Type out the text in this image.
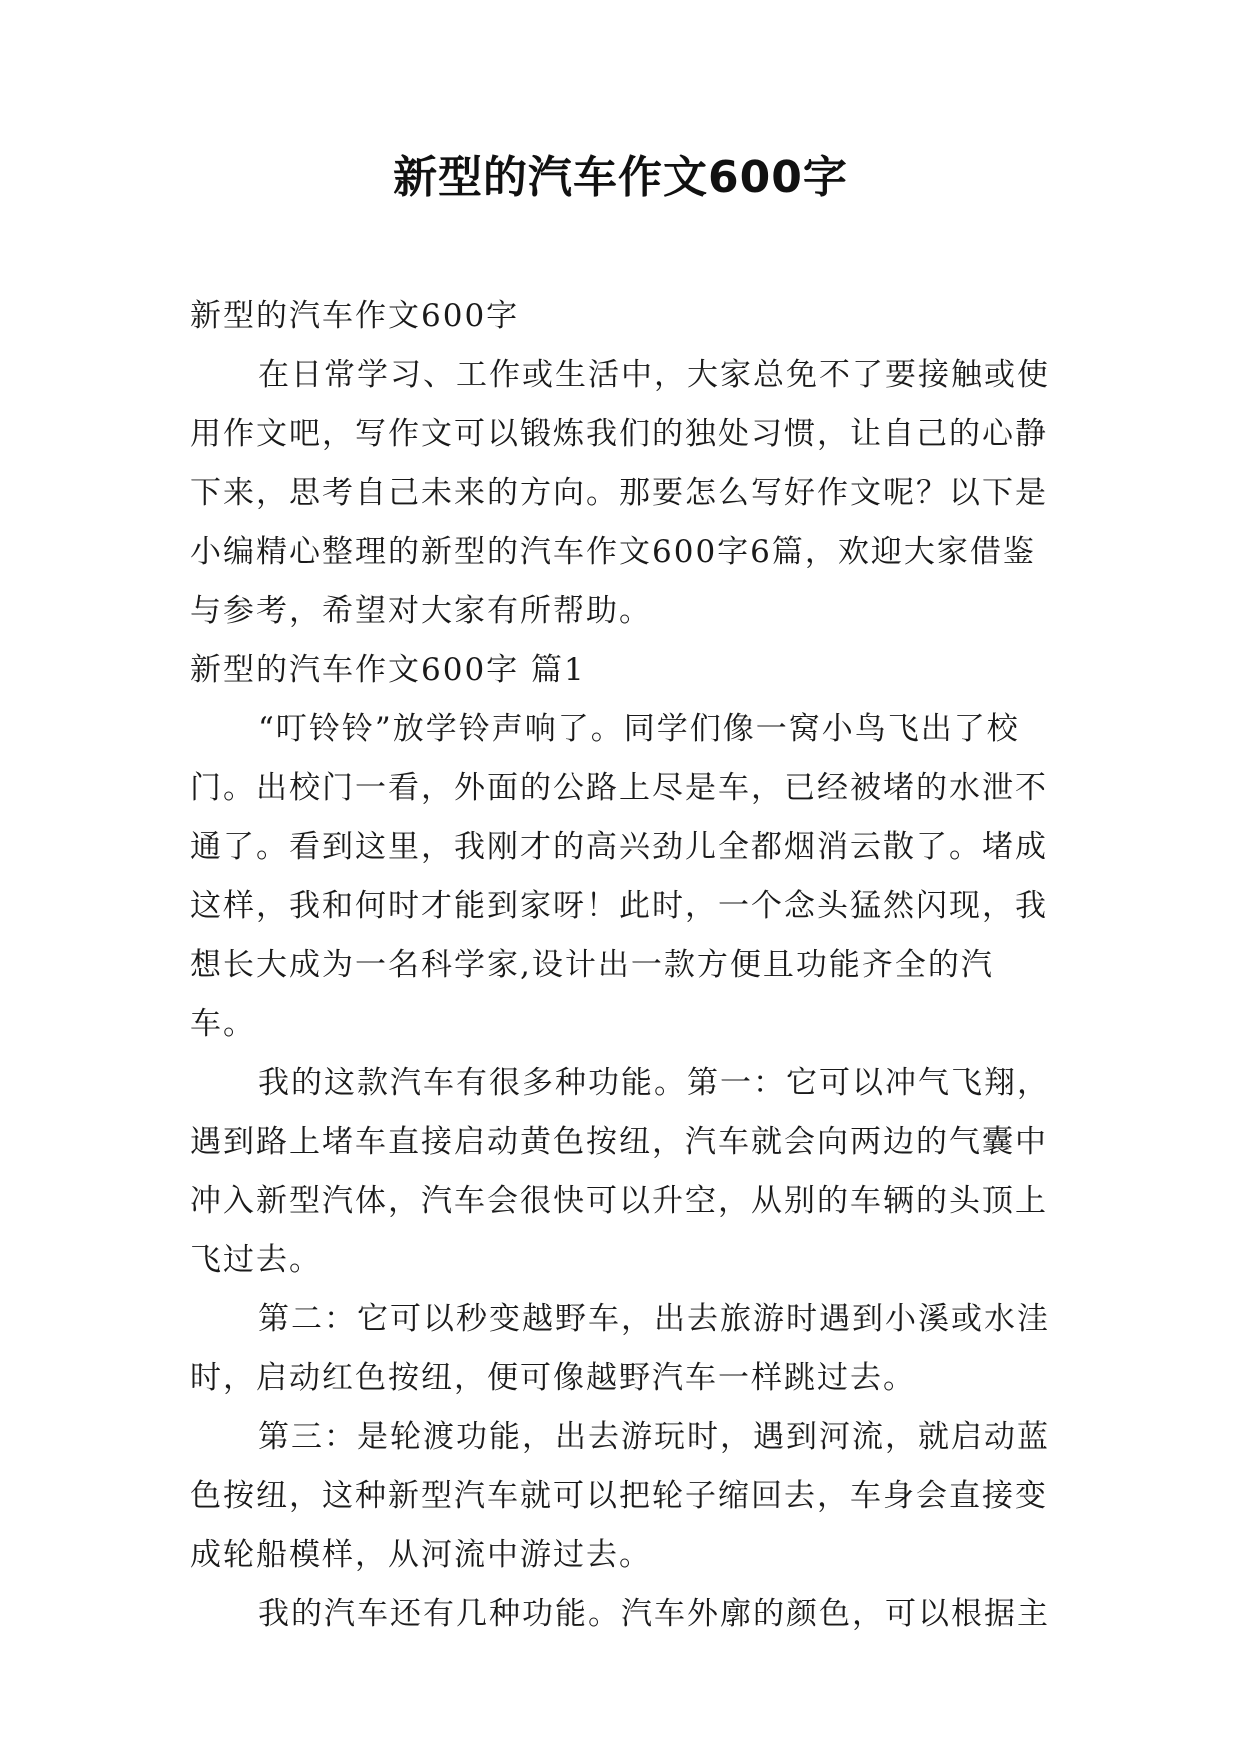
新型的汽车作文600字

新型的汽车作文600字

在日常学习、工作或生活中，大家总免不了要接触或使用作文吧，写作文可以锻炼我们的独处习惯，让自己的心静下来，思考自己未来的方向。那要怎么写好作文呢？以下是小编精心整理的新型的汽车作文600字6篇，欢迎大家借鉴与参考，希望对大家有所帮助。

新型的汽车作文600字 篇1

“叮铃铃”放学铃声响了。同学们像一窝小鸟飞出了校门。出校门一看，外面的公路上尽是车，已经被堵的水泄不通了。看到这里，我刚才的高兴劲儿全都烟消云散了。堵成这样，我和何时才能到家呀！此时，一个念头猛然闪现，我想长大成为一名科学家,设计出一款方便且功能齐全的汽车。

我的这款汽车有很多种功能。第一：它可以冲气飞翔，遇到路上堵车直接启动黄色按纽，汽车就会向两边的气囊中冲入新型汽体，汽车会很快可以升空，从别的车辆的头顶上飞过去。

第二：它可以秒变越野车，出去旅游时遇到小溪或水洼时，启动红色按纽，便可像越野汽车一样跳过去。

第三：是轮渡功能，出去游玩时，遇到河流，就启动蓝色按纽，这种新型汽车就可以把轮子缩回去，车身会直接变成轮船模样，从河流中游过去。

我的汽车还有几种功能。汽车外廓的颜色，可以根据主
